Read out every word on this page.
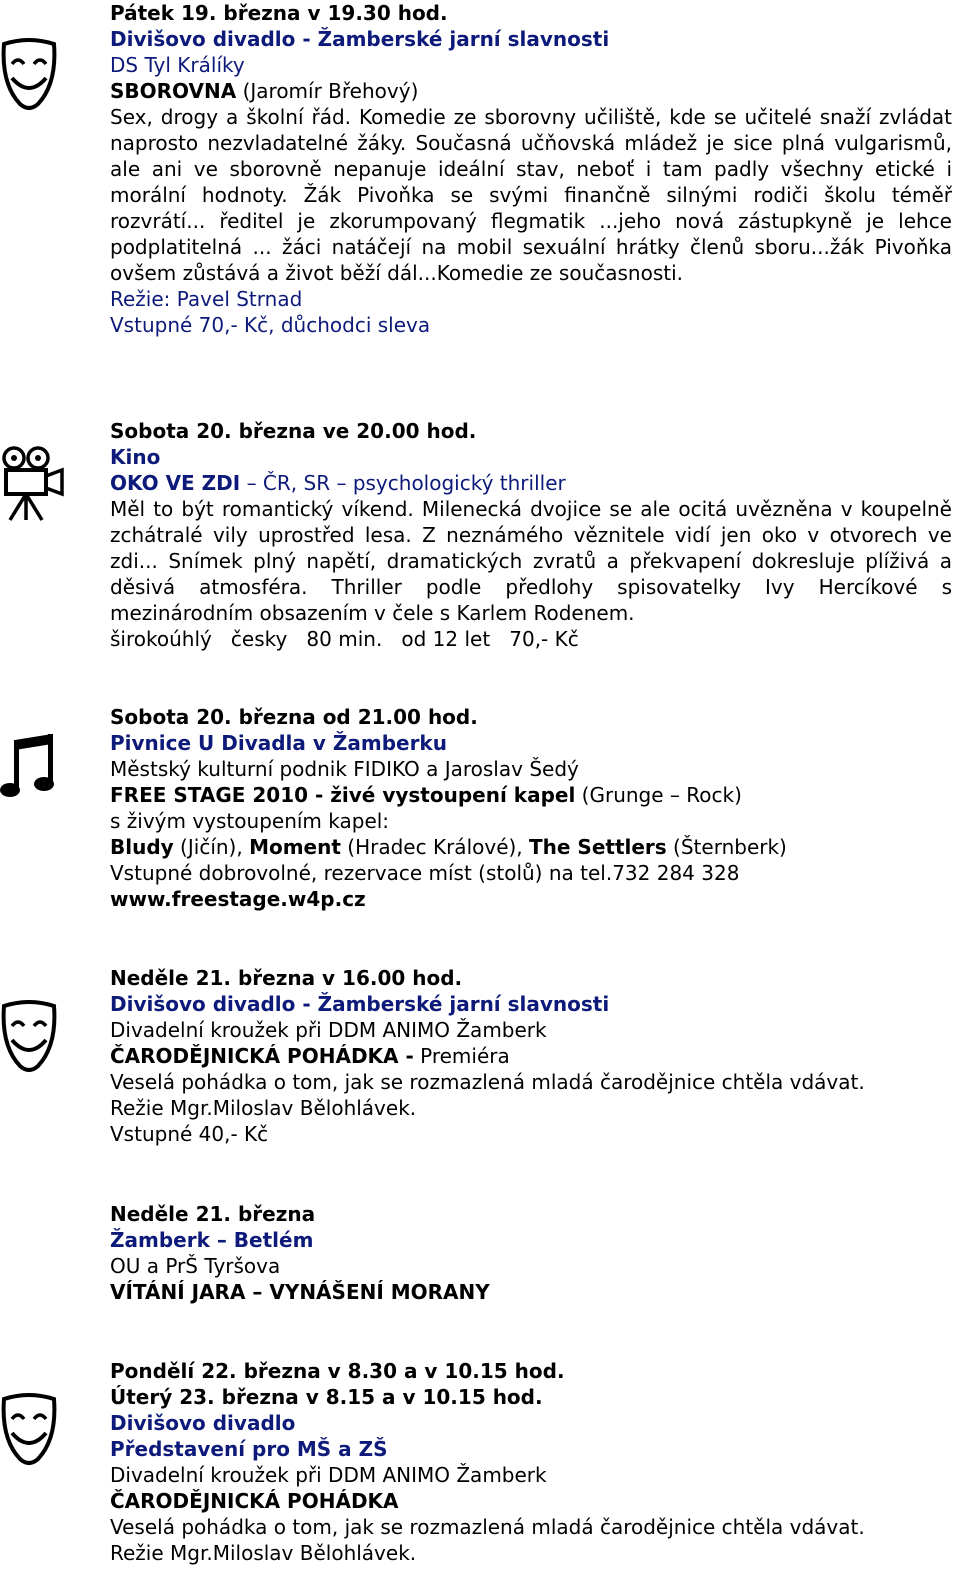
Pátek 19. března v 19.30 hod.

Divišovo divadlo - Žamberské jarní slavnosti

DS Tyl Králíky

SBOROVNA (Jaromír Břehový)

Sex, drogy a školní řád. Komedie ze sborovny učiliště, kde se učitelé snaží zvládat naprosto nezvladatelné žáky. Současná učňovská mládež je sice plná vulgarismů, ale ani ve sborovně nepanuje ideální stav, neboť i tam padly všechny etické i morální hodnoty. Žák Pivoňka se svými finančně silnými rodiči školu téměř rozvrátí... ředitel je zkorumpovaný flegmatik ...jeho nová zástupkyně je lehce podplatitelná ... žáci natáčejí na mobil sexuální hrátky členů sboru...žák Pivoňka ovšem zůstává a život běží dál...Komedie ze současnosti.

Režie: Pavel Strnad

Vstupné 70,- Kč, důchodci sleva

Sobota 20. března ve 20.00 hod.

Kino

OKO VE ZDI – ČR, SR – psychologický thriller

Měl to být romantický víkend. Milenecká dvojice se ale ocitá uvězněna v koupelně zchátralé vily uprostřed lesa. Z neznámého věznitele vidí jen oko v otvorech ve zdi... Snímek plný napětí, dramatických zvratů a překvapení dokresluje plíživá a děsivá atmosféra. Thriller podle předlohy spisovatelky Ivy Hercíkové s mezinárodním obsazením v čele s Karlem Rodenem.

širokoúhlý   česky   80 min.   od 12 let   70,- Kč

Sobota 20. března od 21.00 hod.

Pivnice U Divadla v Žamberku

Městský kulturní podnik FIDIKO a Jaroslav Šedý

FREE STAGE 2010 - živé vystoupení kapel (Grunge – Rock)

s živým vystoupením kapel:

Bludy (Jičín), Moment (Hradec Králové), The Settlers (Šternberk)

Vstupné dobrovolné, rezervace míst (stolů) na tel.732 284 328

www.freestage.w4p.cz

Neděle 21. března v 16.00 hod.

Divišovo divadlo - Žamberské jarní slavnosti

Divadelní kroužek při DDM ANIMO Žamberk

ČARODĚJNICKÁ POHÁDKA - Premiéra

Veselá pohádka o tom, jak se rozmazlená mladá čarodějnice chtěla vdávat.

Režie Mgr.Miloslav Bělohlávek.

Vstupné 40,- Kč

Neděle 21. března

Žamberk – Betlém

OU a PrŠ Tyršova

VÍTÁNÍ JARA – VYNÁŠENÍ MORANY

Pondělí 22. března v 8.30 a v 10.15 hod.

Úterý 23. března v 8.15 a v 10.15 hod.

Divišovo divadlo

Představení pro MŠ a ZŠ

Divadelní kroužek při DDM ANIMO Žamberk

ČARODĚJNICKÁ POHÁDKA

Veselá pohádka o tom, jak se rozmazlená mladá čarodějnice chtěla vdávat.

Režie Mgr.Miloslav Bělohlávek.
